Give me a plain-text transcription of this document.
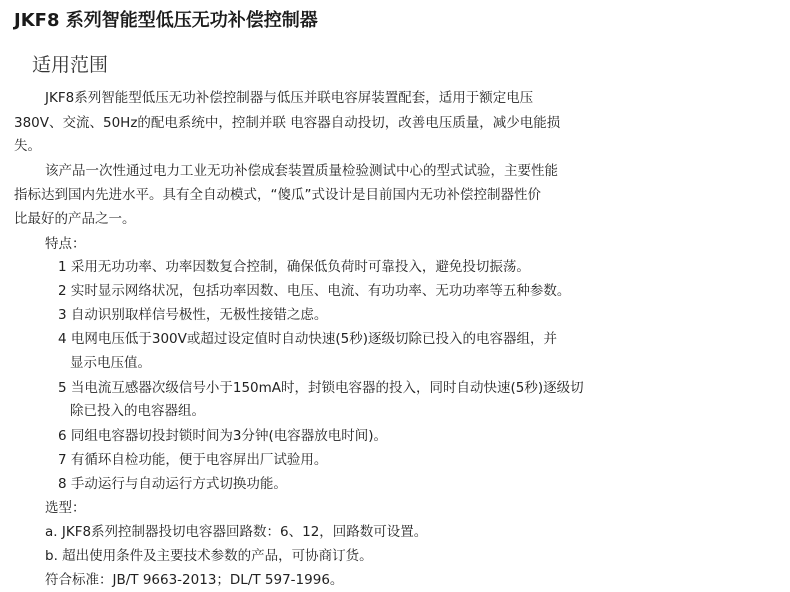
JKF8 系列智能型低压无功补偿控制器
适用范围
JKF8系列智能型低压无功补偿控制器与低压并联电容屏装置配套，适用于额定电压
380V、交流、50Hz的配电系统中，控制并联 电容器自动投切，改善电压质量，减少电能损
失。
该产品一次性通过电力工业无功补偿成套装置质量检验测试中心的型式试验，主要性能
指标达到国内先进水平。具有全自动模式，“傻瓜”式设计是目前国内无功补偿控制器性价
比最好的产品之一。
特点：
1 采用无功功率、功率因数复合控制，确保低负荷时可靠投入，避免投切振荡。
2 实时显示网络状况，包括功率因数、电压、电流、有功功率、无功功率等五种参数。
3 自动识别取样信号极性，无极性接错之虑。
4 电网电压低于300V或超过设定值时自动快速(5秒)逐级切除已投入的电容器组，并
显示电压值。
5 当电流互感器次级信号小于150mA时，封锁电容器的投入，同时自动快速(5秒)逐级切
除已投入的电容器组。
6 同组电容器切投封锁时间为3分钟(电容器放电时间)。
7 有循环自检功能，便于电容屏出厂试验用。
8 手动运行与自动运行方式切换功能。
选型：
a. JKF8系列控制器投切电容器回路数：6、12，回路数可设置。
b. 超出使用条件及主要技术参数的产品，可协商订货。
符合标准：JB/T 9663-2013；DL/T 597-1996。
